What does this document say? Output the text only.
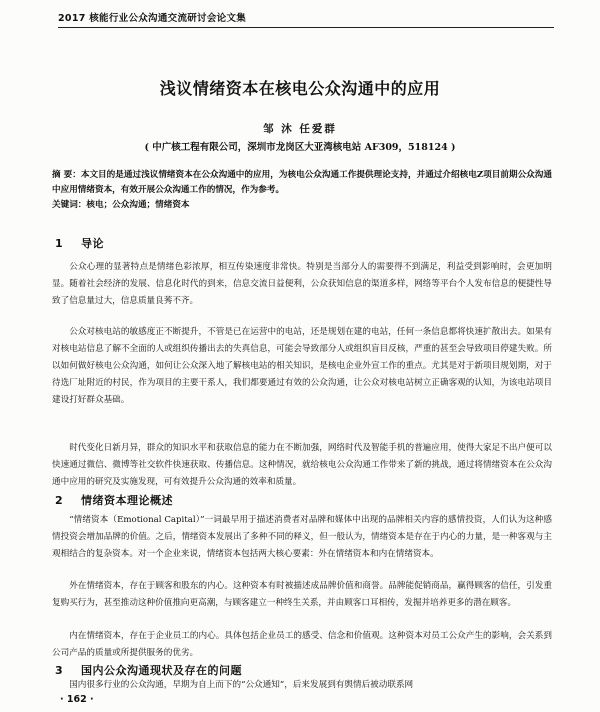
2017 核能行业公众沟通交流研讨会论文集
浅议情绪资本在核电公众沟通中的应用
邹 沐 任爱群
( 中广核工程有限公司，深圳市龙岗区大亚湾核电站 AF309，518124 )
摘 要：本文目的是通过浅议情绪资本在公众沟通中的应用，为核电公众沟通工作提供理论支持，并通过介绍核电Z项目前期公众沟通中应用情绪资本，有效开展公众沟通工作的情况，作为参考。
关键词：核电；公众沟通；情绪资本
1 导论
公众心理的显著特点是情绪色彩浓厚，相互传染速度非常快。特别是当部分人的需要得不到满足，利益受到影响时，会更加明显。随着社会经济的发展、信息化时代的到来，信息交流日益便利，公众获知信息的渠道多样，网络等平台个人发布信息的便捷性导致了信息量过大，信息质量良莠不齐。
公众对核电站的敏感度正不断提升，不管是已在运营中的电站，还是规划在建的电站，任何一条信息都将快速扩散出去。如果有对核电站信息了解不全面的人或组织传播出去的失真信息，可能会导致部分人或组织盲目反核，严重的甚至会导致项目停建失败。所以如何做好核电公众沟通，如何让公众深入地了解核电站的相关知识，是核电企业外宣工作的重点。尤其是对于新项目规划期，对于待选厂址附近的村民，作为项目的主要干系人，我们都要通过有效的公众沟通，让公众对核电站树立正确客观的认知，为该电站项目建设打好群众基础。
时代变化日新月异，群众的知识水平和获取信息的能力在不断加强，网络时代及智能手机的普遍应用，使得大家足不出户便可以快速通过微信、微博等社交软件快速获取、传播信息。这种情况，就给核电公众沟通工作带来了新的挑战，通过将情绪资本在公众沟通中应用的研究及实施发现，可有效提升公众沟通的效率和质量。
2 情绪资本理论概述
“情绪资本（Emotional Capital）”一词最早用于描述消费者对品牌和媒体中出现的品牌相关内容的感情投资，人们认为这种感情投资会增加品牌的价值。之后，情绪资本发展出了多种不同的释义，但一般认为，情绪资本是存在于内心的力量，是一种客观与主观相结合的复杂资本。对一个企业来说，情绪资本包括两大核心要素：外在情绪资本和内在情绪资本。
外在情绪资本，存在于顾客和股东的内心。这种资本有时被描述成品牌价值和商誉。品牌能促销商品，赢得顾客的信任，引发重复购买行为，甚至推动这种价值推向更高潮，与顾客建立一种终生关系，并由顾客口耳相传，发掘并培养更多的潜在顾客。
内在情绪资本，存在于企业员工的内心。具体包括企业员工的感受、信念和价值观。这种资本对员工公众产生的影响，会关系到公司产品的质量或所提供服务的优劣。
3 国内公众沟通现状及存在的问题
国内很多行业的公众沟通，早期为自上而下的“公众通知”，后来发展到有舆情后被动联系网
· 162 ·
